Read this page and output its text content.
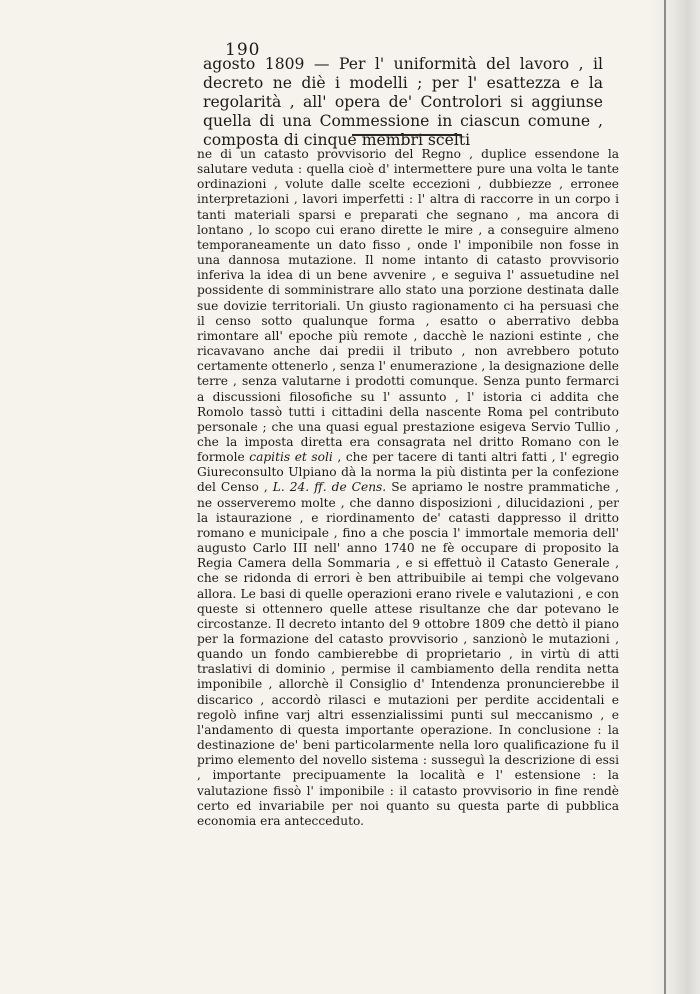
190

agosto 1809 — Per l' uniformità del lavoro , il decreto ne diè i modelli ; per l' esattezza e la regolarità , all' opera de' Controlori si aggiunse quella di una Commessione in ciascun comune , composta di cinque membri scelti

ne di un catasto provvisorio del Regno , duplice essendone la salutare veduta : quella cioè d' intermettere pure una volta le tante ordinazioni , volute dalle scelte eccezioni , dubbiezze , erronee interpretazioni , lavori imperfetti : l' altra di raccorre in un corpo i tanti materiali sparsi e preparati che segnano , ma ancora di lontano , lo scopo cui erano dirette le mire , a conseguire almeno temporaneamente un dato fisso , onde l' imponibile non fosse in una dannosa mutazione. Il nome intanto di catasto provvisorio inferiva la idea di un bene avvenire , e seguiva l' assuetudine nel possidente di somministrare allo stato una porzione destinata dalle sue dovizie territoriali. Un giusto ragionamento ci ha persuasi che il censo sotto qualunque forma , esatto o aberrativo debba rimontare all' epoche più remote , dacchè le nazioni estinte , che ricavavano anche dai predii il tributo , non avrebbero potuto certamente ottenerlo , senza l' enumerazione , la designazione delle terre , senza valutarne i prodotti comunque. Senza punto fermarci a discussioni filosofiche su l' assunto , l' istoria ci addita che Romolo tassò tutti i cittadini della nascente Roma pel contributo personale ; che una quasi egual prestazione esigeva Servio Tullio , che la imposta diretta era consagrata nel dritto Romano con le formole capitis et soli , che per tacere di tanti altri fatti , l' egregio Giureconsulto Ulpiano dà la norma la più distinta per la confezione del Censo , L. 24. ff. de Cens. Se apriamo le nostre prammatiche , ne osserveremo molte , che danno disposizioni , dilucidazioni , per la istaurazione , e riordinamento de' catasti dappresso il dritto romano e municipale , fino a che poscia l' immortale memoria dell' augusto Carlo III nell' anno 1740 ne fè occupare di proposito la Regia Camera della Sommaria , e si effettuò il Catasto Generale , che se ridonda di errori è ben attribuibile ai tempi che volgevano allora. Le basi di quelle operazioni erano rivele e valutazioni , e con queste si ottennero quelle attese risultanze che dar potevano le circostanze. Il decreto intanto del 9 ottobre 1809 che dettò il piano per la formazione del catasto provvisorio , sanzionò le mutazioni , quando un fondo cambierebbe di proprietario , in virtù di atti traslativi di dominio , permise il cambiamento della rendita netta imponibile , allorchè il Consiglio d' Intendenza pronuncierebbe il discarico , accordò rilasci e mutazioni per perdite accidentali e regolò infine varj altri essenzialissimi punti sul meccanismo , e l'andamento di questa importante operazione. In conclusione : la destinazione de' beni particolarmente nella loro qualificazione fu il primo elemento del novello sistema : susseguì la descrizione di essi , importante precipuamente la località e l' estensione : la valutazione fissò l' imponibile : il catasto provvisorio in fine rendè certo ed invariabile per noi quanto su questa parte di pubblica economia era antecceduto.
